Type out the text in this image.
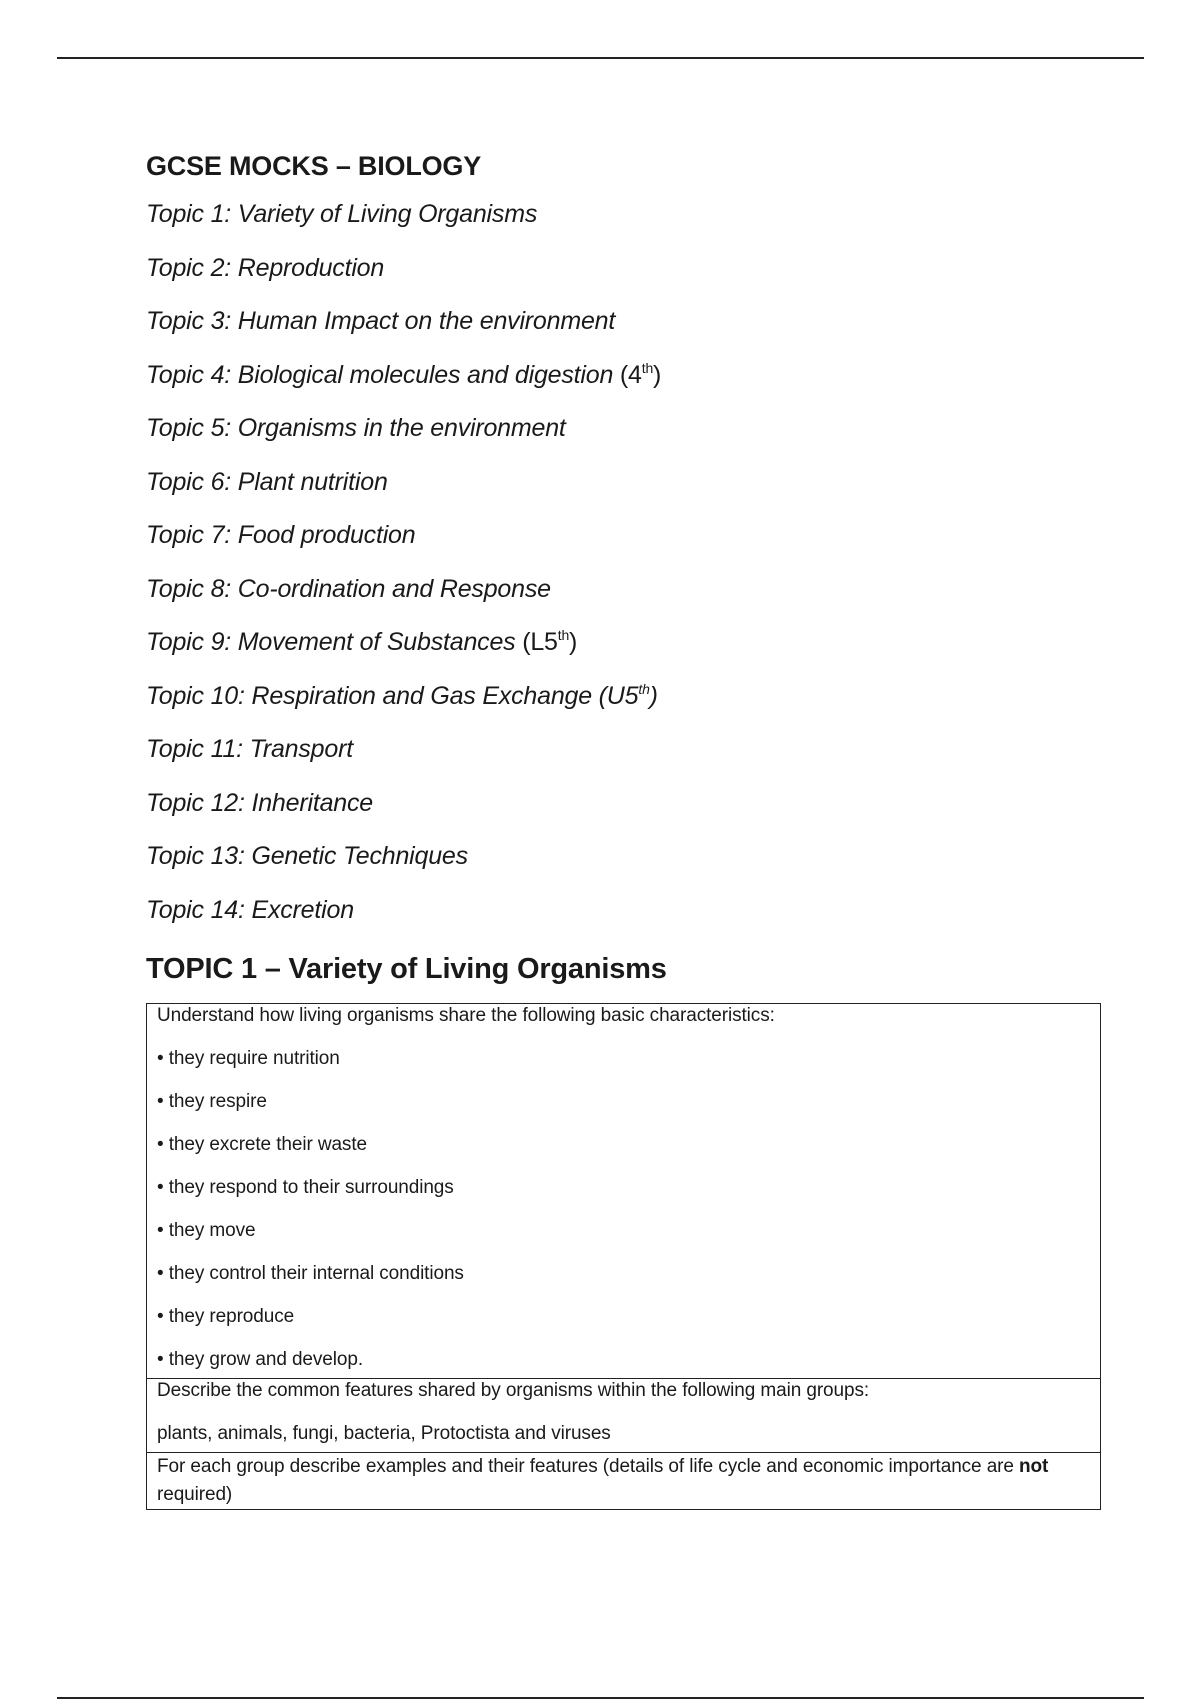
GCSE MOCKS – BIOLOGY
Topic 1: Variety of Living Organisms
Topic 2: Reproduction
Topic 3: Human Impact on the environment
Topic 4: Biological molecules and digestion (4th)
Topic 5: Organisms in the environment
Topic 6: Plant nutrition
Topic 7: Food production
Topic 8: Co-ordination and Response
Topic 9: Movement of Substances (L5th)
Topic 10: Respiration and Gas Exchange (U5th)
Topic 11: Transport
Topic 12: Inheritance
Topic 13: Genetic Techniques
Topic 14: Excretion
TOPIC 1 – Variety of Living Organisms
Understand how living organisms share the following basic characteristics:
• they require nutrition
• they respire
• they excrete their waste
• they respond to their surroundings
• they move
• they control their internal conditions
• they reproduce
• they grow and develop.

Describe the common features shared by organisms within the following main groups:
plants, animals, fungi, bacteria, Protoctista and viruses

For each group describe examples and their features (details of life cycle and economic importance are not required)
